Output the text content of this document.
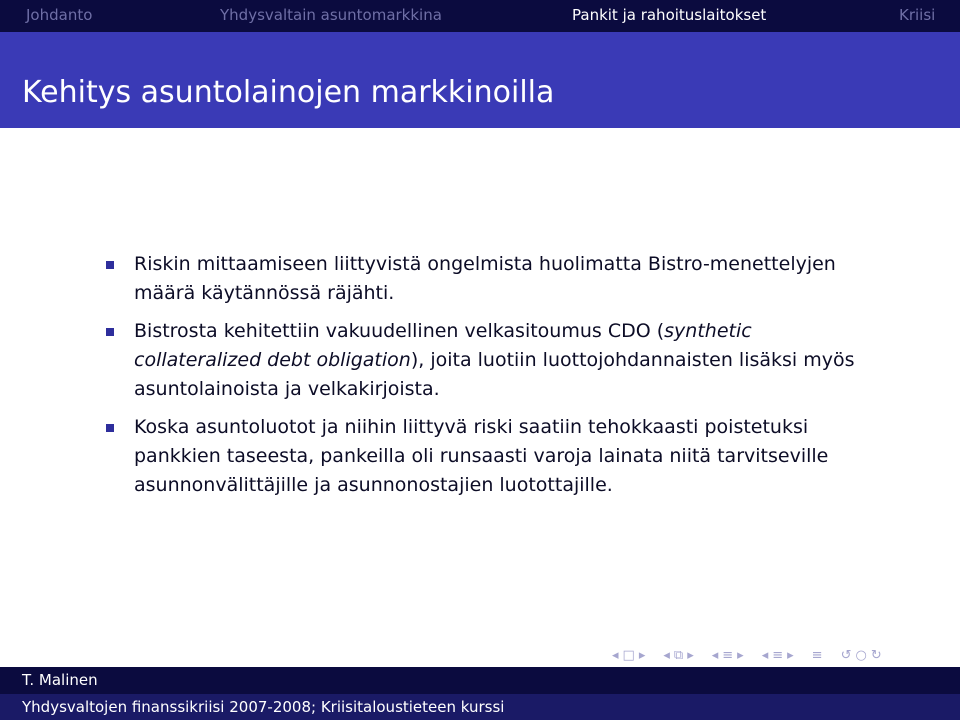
Johdanto	Yhdysvaltain asuntomarkkina	Pankit ja rahoituslaitokset	Kriisi
Kehitys asuntolainojen markkinoilla
Riskin mittaamiseen liittyvistä ongelmista huolimatta Bistro-menettelyjen määrä käytännössä räjähti.
Bistrosta kehitettiin vakuudellinen velkasitoumus CDO (synthetic collateralized debt obligation), joita luotiin luottojohdannaisten lisäksi myös asuntolainoista ja velkakirjoista.
Koska asuntoluotot ja niihin liittyvä riski saatiin tehokkaasti poistetuksi pankkien taseesta, pankeilla oli runsaasti varoja lainata niitä tarvitseville asunnonvälittäjille ja asunnonostajien luotottajille.
◂ □ ▸ ◂ ⧉ ▸ ◂ ≡ ▸ ◂ ≡ ▸ ≡ ↺ ○ ↻
T. Malinen
Yhdysvaltojen finanssikriisi 2007-2008; Kriisitaloustieteen kurssi
